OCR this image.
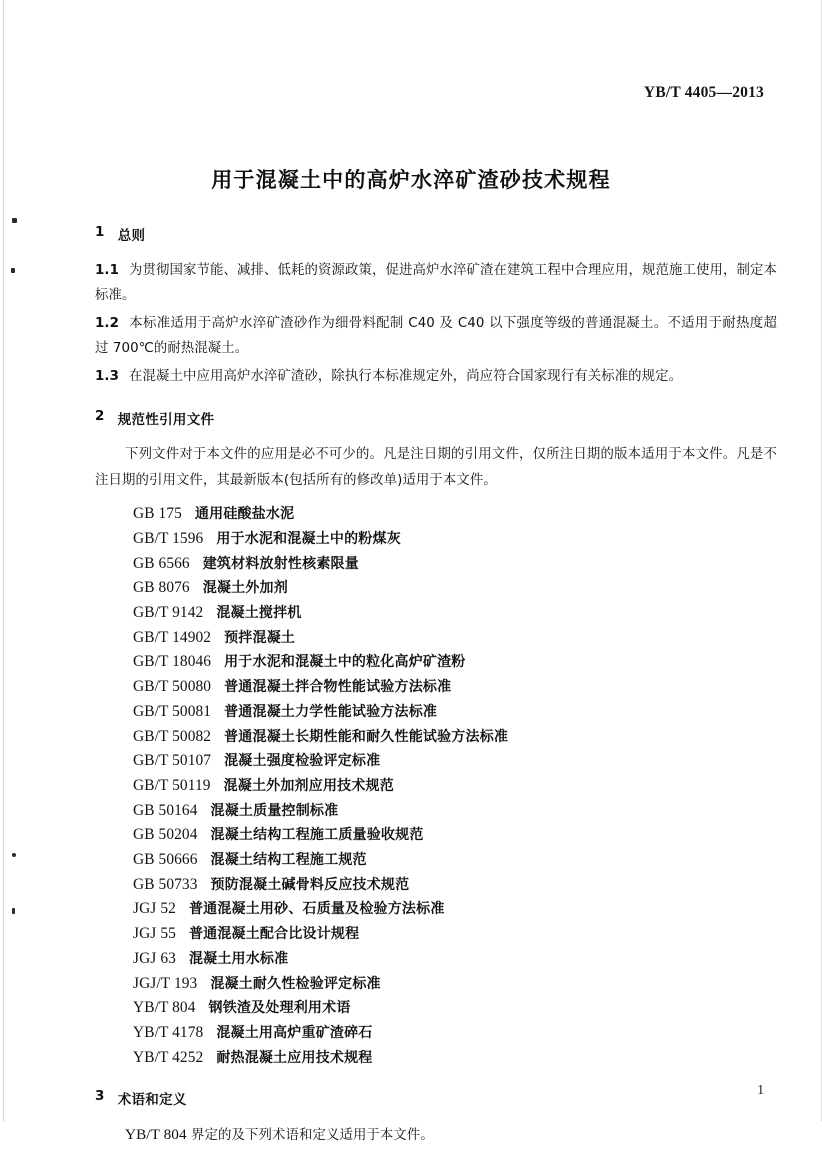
YB/T 4405—2013
用于混凝土中的高炉水淬矿渣砂技术规程
1 总则

1.1 为贯彻国家节能、减排、低耗的资源政策，促进高炉水淬矿渣在建筑工程中合理应用，规范施工使用，制定本标准。

1.2 本标准适用于高炉水淬矿渣砂作为细骨料配制 C40 及 C40 以下强度等级的普通混凝土。不适用于耐热度超过 700℃的耐热混凝土。

1.3 在混凝土中应用高炉水淬矿渣砂，除执行本标准规定外，尚应符合国家现行有关标准的规定。

2 规范性引用文件

下列文件对于本文件的应用是必不可少的。凡是注日期的引用文件，仅所注日期的版本适用于本文件。凡是不注日期的引用文件，其最新版本(包括所有的修改单)适用于本文件。

GB 175 通用硅酸盐水泥
GB/T 1596 用于水泥和混凝土中的粉煤灰
GB 6566 建筑材料放射性核素限量
GB 8076 混凝土外加剂
GB/T 9142 混凝土搅拌机
GB/T 14902 预拌混凝土
GB/T 18046 用于水泥和混凝土中的粒化高炉矿渣粉
GB/T 50080 普通混凝土拌合物性能试验方法标准
GB/T 50081 普通混凝土力学性能试验方法标准
GB/T 50082 普通混凝土长期性能和耐久性能试验方法标准
GB/T 50107 混凝土强度检验评定标准
GB/T 50119 混凝土外加剂应用技术规范
GB 50164 混凝土质量控制标准
GB 50204 混凝土结构工程施工质量验收规范
GB 50666 混凝土结构工程施工规范
GB 50733 预防混凝土碱骨料反应技术规范
JGJ 52 普通混凝土用砂、石质量及检验方法标准
JGJ 55 普通混凝土配合比设计规程
JGJ 63 混凝土用水标准
JGJ/T 193 混凝土耐久性检验评定标准
YB/T 804 钢铁渣及处理利用术语
YB/T 4178 混凝土用高炉重矿渣碎石
YB/T 4252 耐热混凝土应用技术规程
3 术语和定义

YB/T 804 界定的及下列术语和定义适用于本文件。

1
